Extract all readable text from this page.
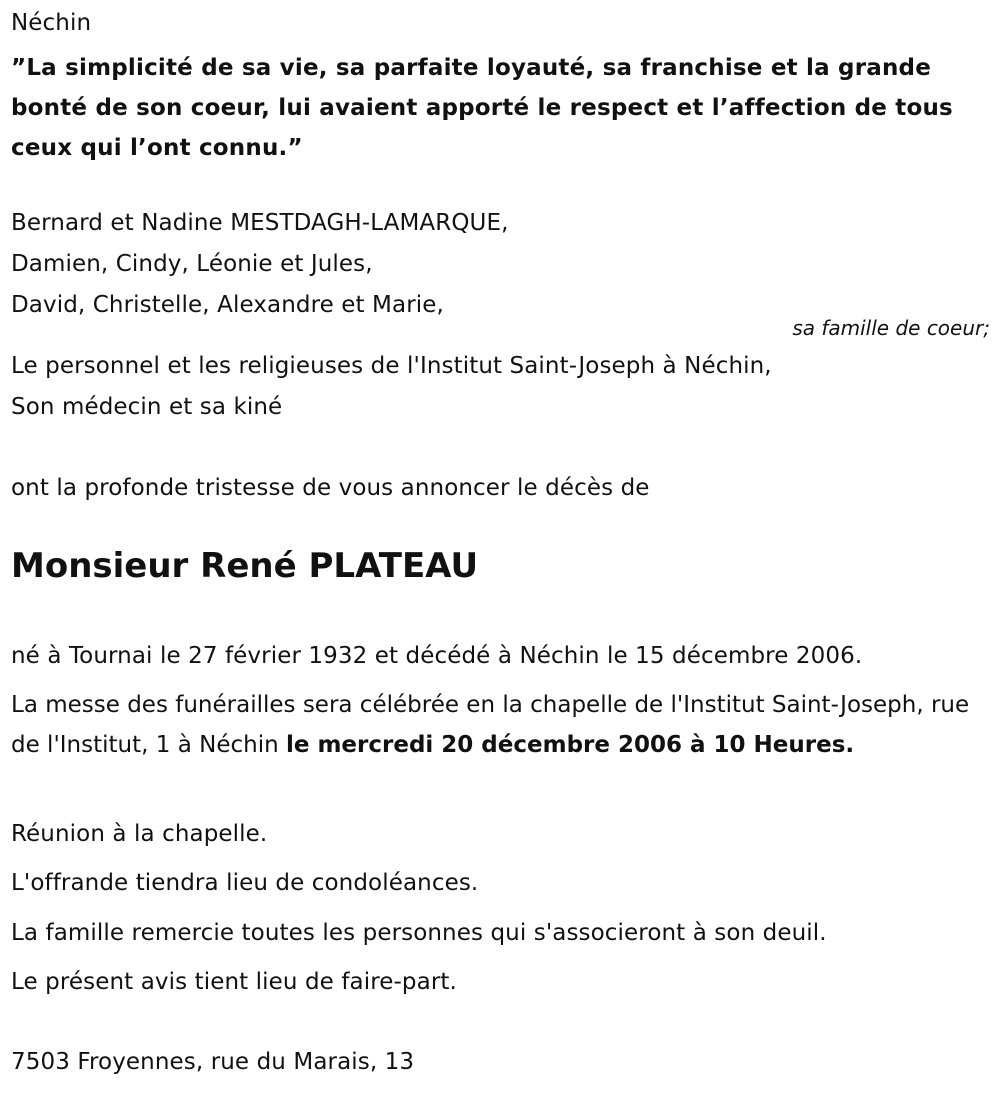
Néchin
”La simplicité de sa vie, sa parfaite loyauté, sa franchise et la grande bonté de son coeur, lui avaient apporté le respect et l’affection de tous ceux qui l’ont connu.”
Bernard et Nadine MESTDAGH-LAMARQUE,
Damien, Cindy, Léonie et Jules,
David, Christelle, Alexandre et Marie,
sa famille de coeur;
Le personnel et les religieuses de l'Institut Saint-Joseph à Néchin,
Son médecin et sa kiné
ont la profonde tristesse de vous annoncer le décès de
Monsieur René PLATEAU
né à Tournai le 27 février 1932 et décédé à Néchin le 15 décembre 2006.
La messe des funérailles sera célébrée en la chapelle de l'Institut Saint-Joseph, rue de l'Institut, 1 à Néchin le mercredi 20 décembre 2006 à 10 Heures.
Réunion à la chapelle.
L'offrande tiendra lieu de condoléances.
La famille remercie toutes les personnes qui s'associeront à son deuil.
Le présent avis tient lieu de faire-part.
7503 Froyennes, rue du Marais, 13
